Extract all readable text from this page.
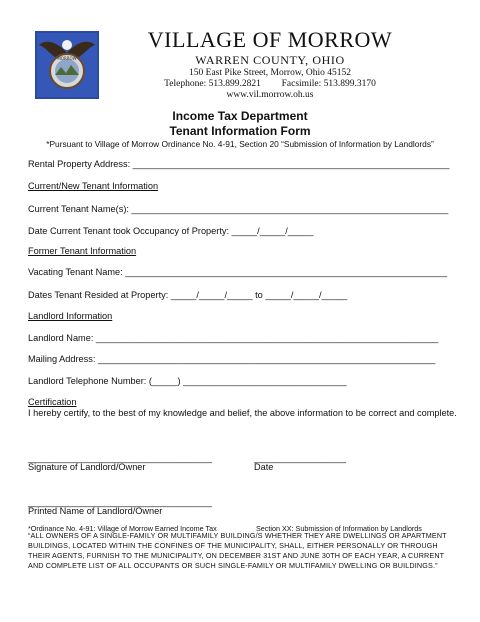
MORROW
VILLAGE OF MORROW
WARREN COUNTY, OHIO
150 East Pike Street, Morrow, Ohio 45152
Telephone: 513.899.2821 Facsimile: 513.899.3170
www.vil.morrow.oh.us
Income Tax Department
Tenant Information Form
*Pursuant to Village of Morrow Ordinance No. 4-91, Section 20 “Submission of Information by Landlords”
Rental Property Address: ______________________________________________________________
Current/New Tenant Information
Current Tenant Name(s): ______________________________________________________________
Date Current Tenant took Occupancy of Property: _____/_____/_____
Former Tenant Information
Vacating Tenant Name: _______________________________________________________________
Dates Tenant Resided at Property: _____/_____/_____ to _____/_____/_____
Landlord Information
Landlord Name: ___________________________________________________________________
Mailing Address: __________________________________________________________________
Landlord Telephone Number: (_____) ________________________________
Certification
I hereby certify, to the best of my knowledge and belief, the above information to be correct and complete.
____________________________________	__________________
Signature of Landlord/Owner	Date
____________________________________
Printed Name of Landlord/Owner
*Ordinance No. 4-91: Village of Morrow Earned Income Tax	Section XX: Submission of Information by Landlords
“ALL OWNERS OF A SINGLE-FAMILY OR MULTIFAMILY BUILDING/S WHETHER THEY ARE DWELLINGS OR APARTMENT BUILDINGS, LOCATED WITHIN THE CONFINES OF THE MUNICIPALITY, SHALL, EITHER PERSONALLY OR THROUGH THEIR AGENTS, FURNISH TO THE MUNICIPALITY, ON DECEMBER 31ST AND JUNE 30TH OF EACH YEAR, A CURRENT AND COMPLETE LIST OF ALL OCCUPANTS OR SUCH SINGLE-FAMILY OR MULTIFAMILY DWELLING OR BUILDINGS.”
